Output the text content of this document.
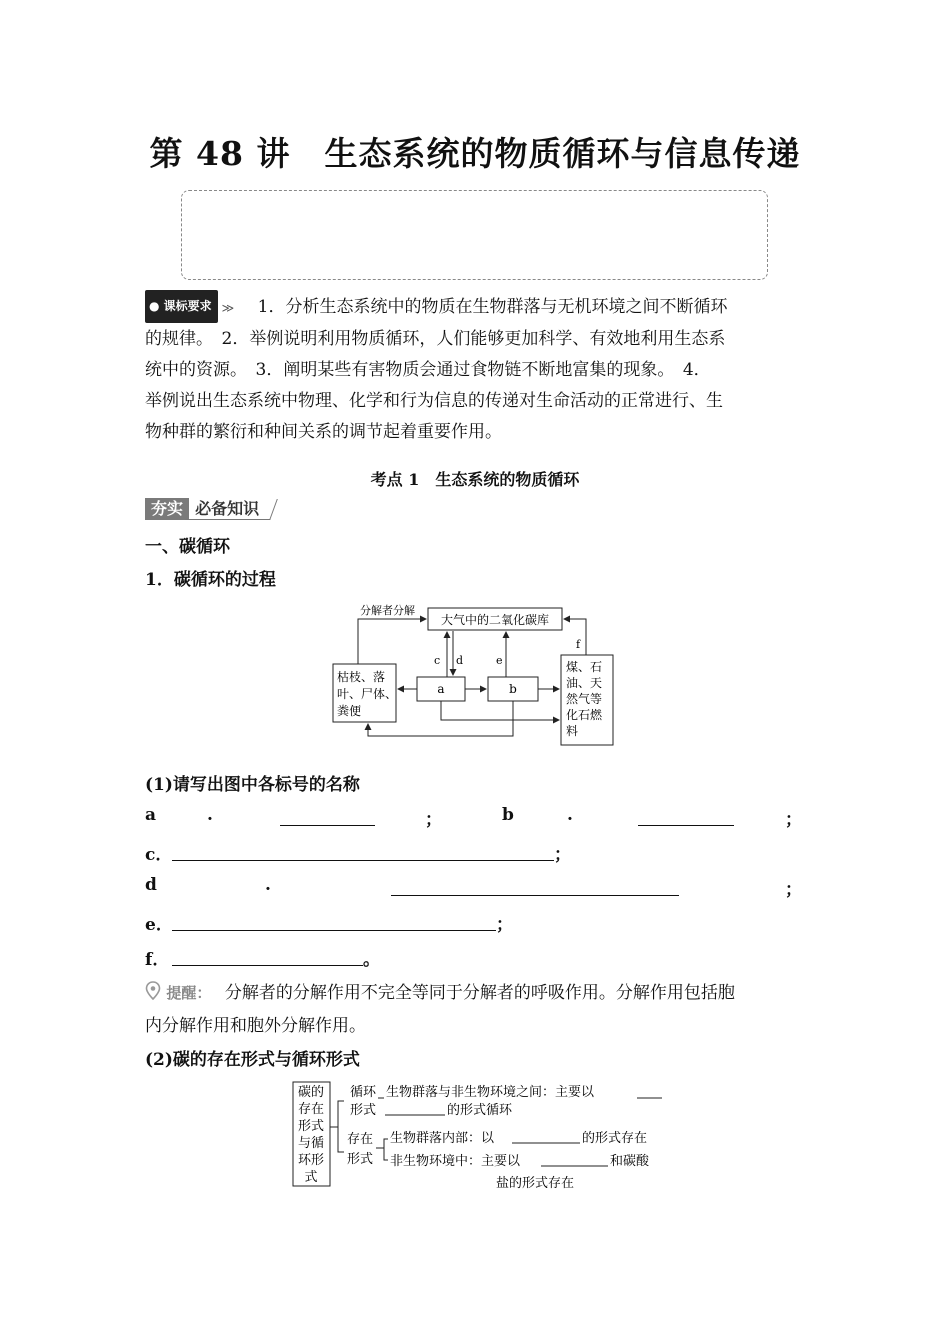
第 48 讲　生态系统的物质循环与信息传递
● 课标要求 ≫ 1．分析生态系统中的物质在生物群落与无机环境之间不断循环
的规律。　2．举例说明利用物质循环，人们能够更加科学、有效地利用生态系
统中的资源。　3．阐明某些有害物质会通过食物链不断地富集的现象。　4．
举例说出生态系统中物理、化学和行为信息的传递对生命活动的正常进行、生
物种群的繁衍和种间关系的调节起着重要作用。
考点 1　生态系统的物质循环
夯实 必备知识
一、碳循环
1．碳循环的过程
分解者分解
大气中的二氧化碳库
枯枝、落
叶、尸体、
粪便
a	b
煤、石
油、天
然气等
化石燃
料
c d	e
f
(1)请写出图中各标号的名称
a	.	；	b	.	；
c．	；
d	.	；
e．	；
f．	。
提醒： 分解者的分解作用不完全等同于分解者的呼吸作用。分解作用包括胞
内分解作用和胞外分解作用。
(2)碳的存在形式与循环形式
碳的
存在
形式
与循
环形
式
循环
形式
生物群落与非生物环境之间：主要以
的形式循环
存在
形式
生物群落内部：以	的形式存在
非生物环境中：主要以	和碳酸
盐的形式存在
